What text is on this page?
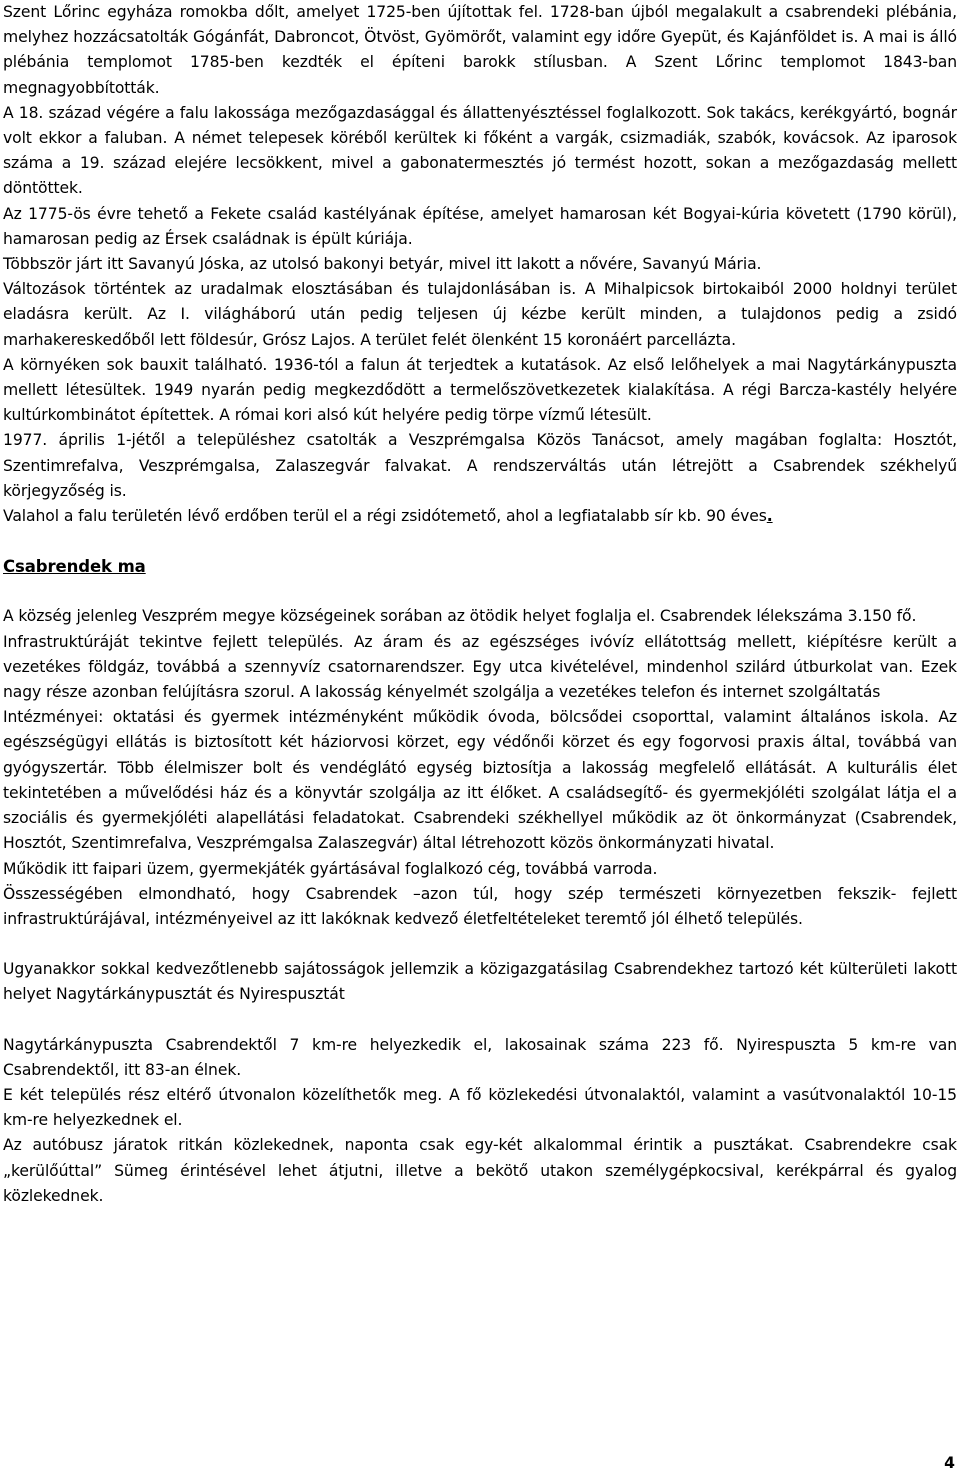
Szent Lőrinc egyháza romokba dőlt, amelyet 1725-ben újítottak fel. 1728-ban újból megalakult a csabrendeki plébánia, melyhez hozzácsatolták Gógánfát, Dabroncot, Ötvöst, Gyömörőt, valamint egy időre Gyepüt, és Kajánföldet is. A mai is álló plébánia templomot 1785-ben kezdték el építeni barokk stílusban. A Szent Lőrinc templomot 1843-ban megnagyobbították.

A 18. század végére a falu lakossága mezőgazdasággal és állattenyésztéssel foglalkozott. Sok takács, kerékgyártó, bognár volt ekkor a faluban. A német telepesek köréből kerültek ki főként a vargák, csizmadiák, szabók, kovácsok. Az iparosok száma a 19. század elejére lecsökkent, mivel a gabonatermesztés jó termést hozott, sokan a mezőgazdaság mellett döntöttek.

Az 1775-ös évre tehető a Fekete család kastélyának építése, amelyet hamarosan két Bogyai-kúria követett (1790 körül), hamarosan pedig az Érsek családnak is épült kúriája.

Többször járt itt Savanyú Jóska, az utolsó bakonyi betyár, mivel itt lakott a nővére, Savanyú Mária.

Változások történtek az uradalmak elosztásában és tulajdonlásában is. A Mihalpicsok birtokaiból 2000 holdnyi terület eladásra került. Az I. világháború után pedig teljesen új kézbe került minden, a tulajdonos pedig a zsidó marhakereskedőből lett földesúr, Grósz Lajos. A terület felét ölenként 15 koronáért parcellázta.

A környéken sok bauxit található. 1936-tól a falun át terjedtek a kutatások. Az első lelőhelyek a mai Nagytárkánypuszta mellett létesültek. 1949 nyarán pedig megkezdődött a termelőszövetkezetek kialakítása. A régi Barcza-kastély helyére kultúrkombinátot építettek. A római kori alsó kút helyére pedig törpe vízmű létesült.

1977. április 1-jétől a településhez csatolták a Veszprémgalsa Közös Tanácsot, amely magában foglalta: Hosztót, Szentimrefalva, Veszprémgalsa, Zalaszegvár falvakat. A rendszerváltás után létrejött a Csabrendek székhelyű körjegyzőség is.

Valahol a falu területén lévő erdőben terül el a régi zsidótemető, ahol a legfiatalabb sír kb. 90 éves.

Csabrendek ma

A község jelenleg Veszprém megye községeinek sorában az ötödik helyet foglalja el. Csabrendek lélekszáma 3.150 fő.

Infrastruktúráját tekintve fejlett település. Az áram és az egészséges ivóvíz ellátottság mellett, kiépítésre került a vezetékes földgáz, továbbá a szennyvíz csatornarendszer. Egy utca kivételével, mindenhol szilárd útburkolat van. Ezek nagy része azonban felújításra szorul. A lakosság kényelmét szolgálja a vezetékes telefon és internet szolgáltatás

Intézményei: oktatási és gyermek intézményként működik óvoda, bölcsődei csoporttal, valamint általános iskola. Az egészségügyi ellátás is biztosított két háziorvosi körzet, egy védőnői körzet és egy fogorvosi praxis által, továbbá van gyógyszertár. Több élelmiszer bolt és vendéglátó egység biztosítja a lakosság megfelelő ellátását. A kulturális élet tekintetében a művelődési ház és a könyvtár szolgálja az itt élőket. A családsegítő- és gyermekjóléti szolgálat látja el a szociális és gyermekjóléti alapellátási feladatokat. Csabrendeki székhellyel működik az öt önkormányzat (Csabrendek, Hosztót, Szentimrefalva, Veszprémgalsa Zalaszegvár) által létrehozott közös önkormányzati hivatal.

Működik itt faipari üzem, gyermekjáték gyártásával foglalkozó cég, továbbá varroda.

Összességében elmondható, hogy Csabrendek –azon túl, hogy szép természeti környezetben fekszik- fejlett infrastruktúrájával, intézményeivel az itt lakóknak kedvező életfeltételeket teremtő jól élhető település.

Ugyanakkor sokkal kedvezőtlenebb sajátosságok jellemzik a közigazgatásilag Csabrendekhez tartozó két külterületi lakott helyet Nagytárkánypusztát és Nyirespusztát

Nagytárkánypuszta Csabrendektől 7 km-re helyezkedik el, lakosainak száma 223 fő. Nyirespuszta 5 km-re van Csabrendektől, itt 83-an élnek.

E két település rész eltérő útvonalon közelíthetők meg. A fő közlekedési útvonalaktól, valamint a vasútvonalaktól 10-15 km-re helyezkednek el.

Az autóbusz járatok ritkán közlekednek, naponta csak egy-két alkalommal érintik a pusztákat. Csabrendekre csak „kerülőúttal” Sümeg érintésével lehet átjutni, illetve a bekötő utakon személygépkocsival, kerékpárral és gyalog közlekednek.

4
